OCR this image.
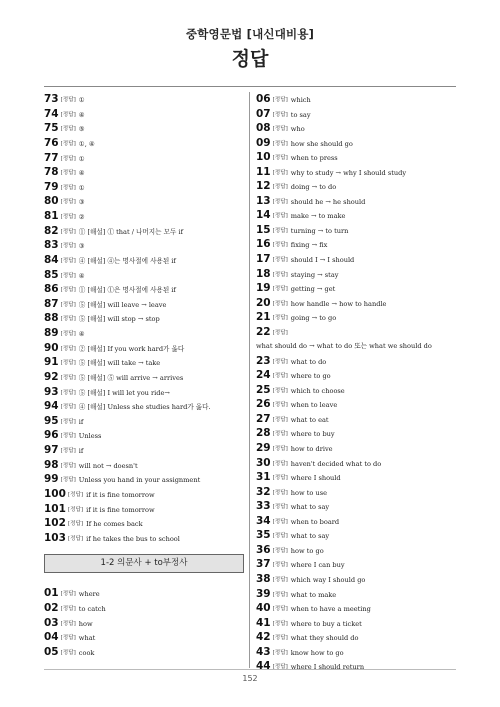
중학영문법 [내신대비용]
정답
73 [정답] ①
74 [정답] ④
75 [정답] ⑤
76 [정답] ①, ④
77 [정답] ①
78 [정답] ④
79 [정답] ①
80 [정답] ③
81 [정답] ②
82 [정답] ① [해설] ① that / 나머지는 모두 if
83 [정답] ③
84 [정답] ④ [해설] ④는 명사절에 사용된 if
85 [정답] ④
86 [정답] ① [해설] ①은 명사절에 사용된 if
87 [정답] ⑤ [해설] will leave → leave
88 [정답] ⑤ [해설] will stop → stop
89 [정답] ④
90 [정답] ② [해설] If you work hard가 옳다
91 [정답] ⑤ [해설] will take → take
92 [정답] ⑤ [해설] ⑤ will arrive → arrives
93 [정답] ⑤ [해설] I will let you ride→
94 [정답] ④ [해설] Unless she studies hard가 옳다.
95 [정답] if
96 [정답] Unless
97 [정답] if
98 [정답] will not → doesn't
99 [정답] Unless you hand in your assignment
100 [정답] if it is fine tomorrow
101 [정답] if it is fine tomorrow
102 [정답] If he comes back
103 [정답] if he takes the bus to school
1-2 의문사 + to부정사
01 [정답] where
02 [정답] to catch
03 [정답] how
04 [정답] what
05 [정답] cook
06 [정답] which
07 [정답] to say
08 [정답] who
09 [정답] how she should go
10 [정답] when to press
11 [정답] why to study → why I should study
12 [정답] doing → to do
13 [정답] should he → he should
14 [정답] make → to make
15 [정답] turning → to turn
16 [정답] fixing → fix
17 [정답] should I → I should
18 [정답] staying → stay
19 [정답] getting → get
20 [정답] how handle → how to handle
21 [정답] going → to go
22 [정답]
what should do → what to do 또는 what we should do
23 [정답] what to do
24 [정답] where to go
25 [정답] which to choose
26 [정답] when to leave
27 [정답] what to eat
28 [정답] where to buy
29 [정답] how to drive
30 [정답] haven't decided what to do
31 [정답] where I should
32 [정답] how to use
33 [정답] what to say
34 [정답] when to board
35 [정답] what to say
36 [정답] how to go
37 [정답] where I can buy
38 [정답] which way I should go
39 [정답] what to make
40 [정답] when to have a meeting
41 [정답] where to buy a ticket
42 [정답] what they should do
43 [정답] know how to go
44 [정답] where I should return
152
